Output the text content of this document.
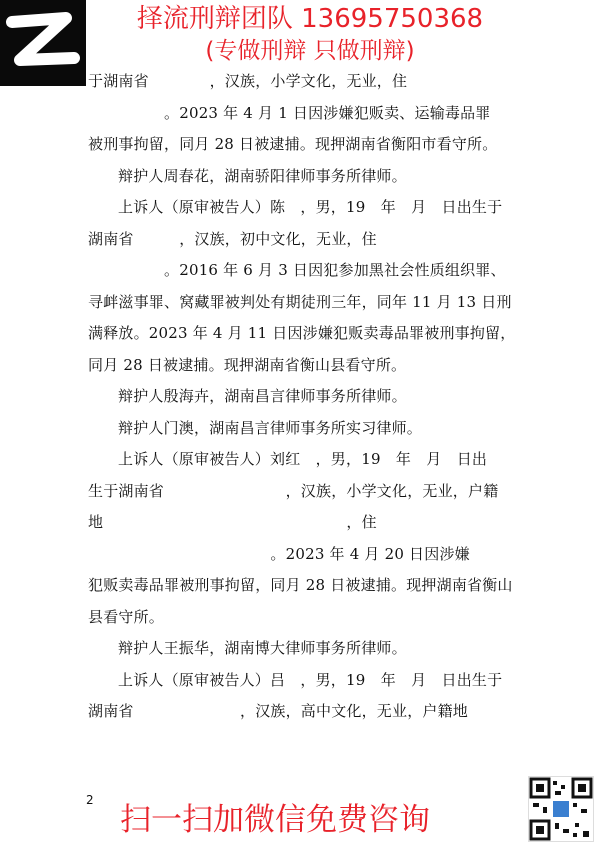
择流刑辩团队 13695750368
(专做刑辩 只做刑辩)

于湖南省　　　　，汉族，小学文化，无业，住

　　　　　。2023 年 4 月 1 日因涉嫌犯贩卖、运输毒品罪

被刑事拘留，同月 28 日被逮捕。现押湖南省衡阳市看守所。

辩护人周春花，湖南骄阳律师事务所律师。

上诉人（原审被告人）陈　，男，19　年　月　日出生于

湖南省　　　，汉族，初中文化，无业，住

　　　　　。2016 年 6 月 3 日因犯参加黑社会性质组织罪、

寻衅滋事罪、窝藏罪被判处有期徒刑三年，同年 11 月 13 日刑

满释放。2023 年 4 月 11 日因涉嫌犯贩卖毒品罪被刑事拘留，

同月 28 日被逮捕。现押湖南省衡山县看守所。

辩护人殷海卉，湖南昌言律师事务所律师。

辩护人门澳，湖南昌言律师事务所实习律师。

上诉人（原审被告人）刘红　，男，19　年　月　日出

生于湖南省　　　　　　　　，汉族，小学文化，无业，户籍

地　　　　　　　　　　　　　　　　，住

　　　　　　　　　　　　。2023 年 4 月 20 日因涉嫌

犯贩卖毒品罪被刑事拘留，同月 28 日被逮捕。现押湖南省衡山

县看守所。

辩护人王振华，湖南博大律师事务所律师。

上诉人（原审被告人）吕　，男，19　年　月　日出生于

湖南省　　　　　　　，汉族，高中文化，无业，户籍地

2
扫一扫加微信免费咨询
